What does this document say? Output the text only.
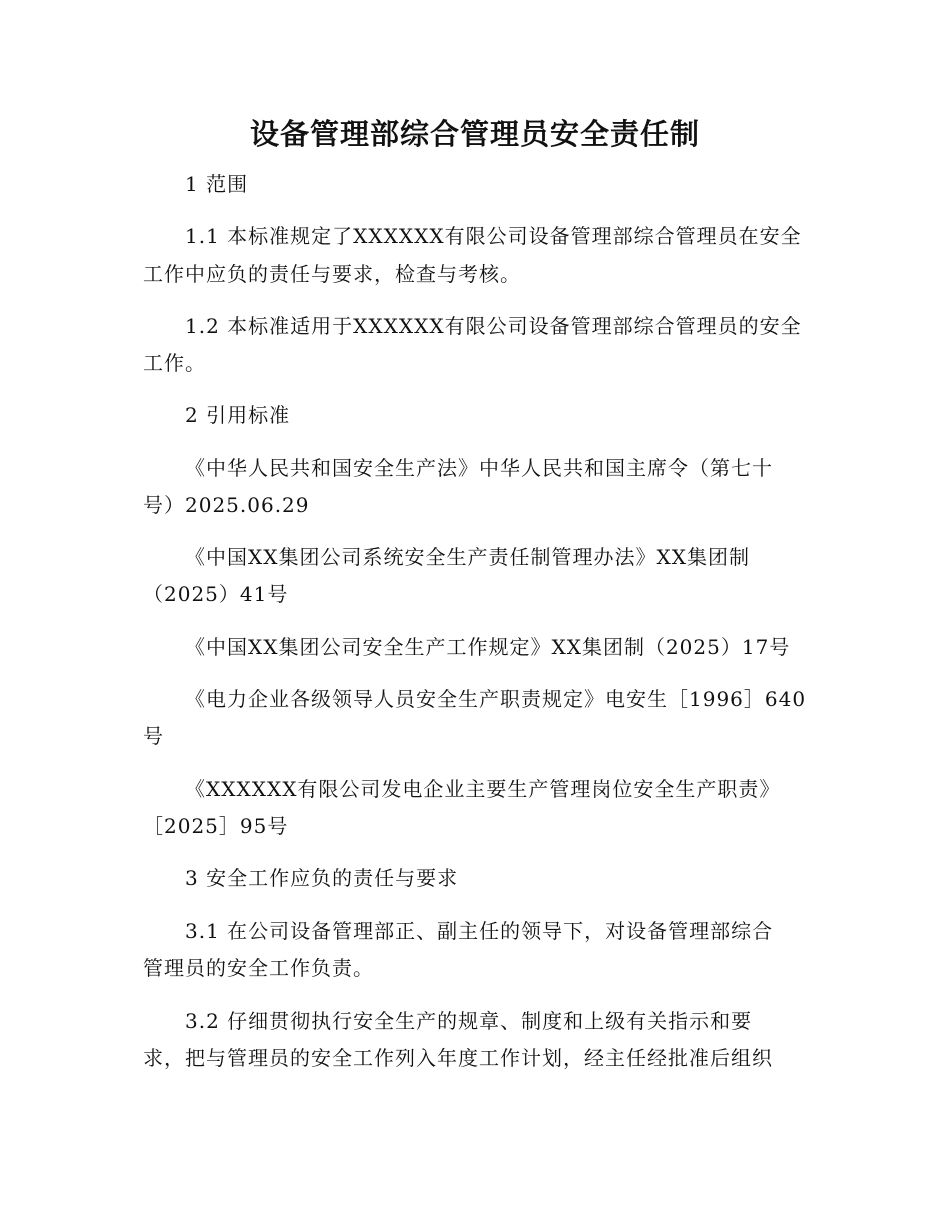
设备管理部综合管理员安全责任制
1 范围
1.1 本标准规定了XXXXXX有限公司设备管理部综合管理员在安全
工作中应负的责任与要求，检查与考核。
1.2 本标准适用于XXXXXX有限公司设备管理部综合管理员的安全
工作。
2 引用标准
《中华人民共和国安全生产法》中华人民共和国主席令（第七十
号）2025.06.29
《中国XX集团公司系统安全生产责任制管理办法》XX集团制
（2025）41号
《中国XX集团公司安全生产工作规定》XX集团制（2025）17号
《电力企业各级领导人员安全生产职责规定》电安生［1996］640
号
《XXXXXX有限公司发电企业主要生产管理岗位安全生产职责》
［2025］95号
3 安全工作应负的责任与要求
3.1 在公司设备管理部正、副主任的领导下，对设备管理部综合
管理员的安全工作负责。
3.2 仔细贯彻执行安全生产的规章、制度和上级有关指示和要
求，把与管理员的安全工作列入年度工作计划，经主任经批准后组织
